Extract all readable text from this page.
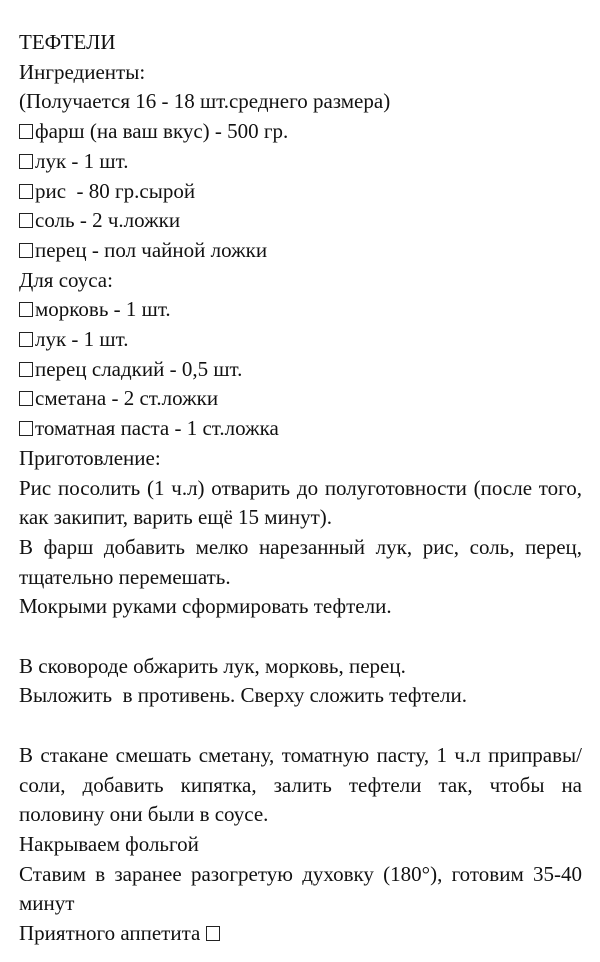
ТЕФТЕЛИ

Ингредиенты:

(Получается 16 - 18 шт.среднего размера)

фарш (на ваш вкус) - 500 гр.

лук - 1 шт.

рис  - 80 гр.сырой

соль - 2 ч.ложки

перец - пол чайной ложки

Для соуса:

морковь - 1 шт.

лук - 1 шт.

перец сладкий - 0,5 шт.

сметана - 2 ст.ложки

томатная паста - 1 ст.ложка

Приготовление:

Рис посолить (1 ч.л) отварить до полуготовности (после того, как закипит, варить ещё 15 минут).

В фарш добавить мелко нарезанный лук, рис, соль, перец, тщательно перемешать.

Мокрыми руками сформировать тефтели.

В сковороде обжарить лук, морковь, перец.

Выложить  в противень. Сверху сложить тефтели.

В стакане смешать сметану, томатную пасту, 1 ч.л приправы/соли, добавить кипятка, залить тефтели так, чтобы на половину они были в соусе.

Накрываем фольгой

Ставим в заранее разогретую духовку (180°), готовим 35-40 минут

Приятного аппетита
